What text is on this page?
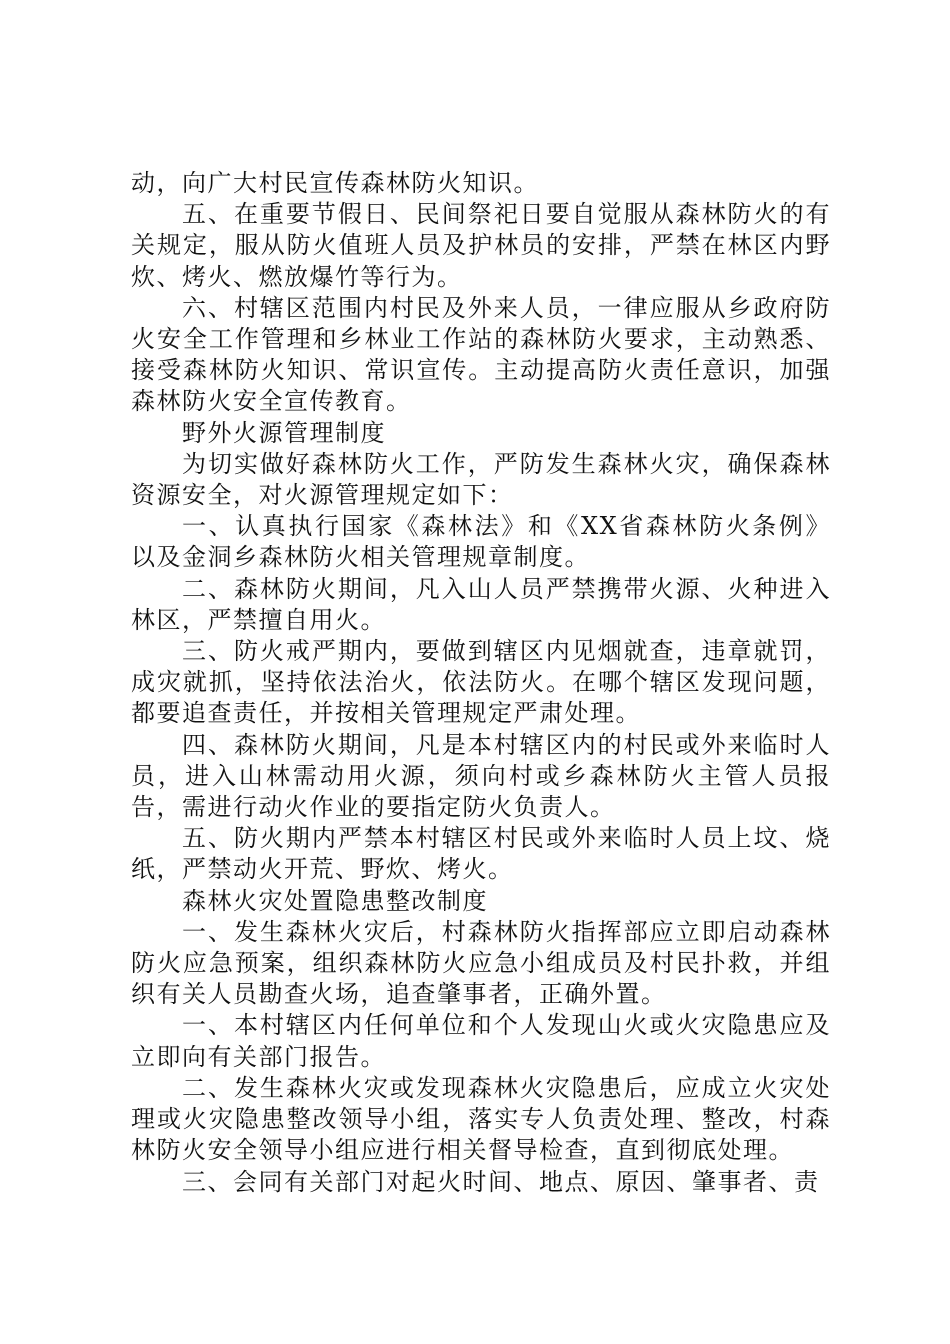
动，向广大村民宣传森林防火知识。

五、在重要节假日、民间祭祀日要自觉服从森林防火的有关规定，服从防火值班人员及护林员的安排，严禁在林区内野炊、烤火、燃放爆竹等行为。

六、村辖区范围内村民及外来人员，一律应服从乡政府防火安全工作管理和乡林业工作站的森林防火要求，主动熟悉、接受森林防火知识、常识宣传。主动提高防火责任意识，加强森林防火安全宣传教育。

野外火源管理制度

为切实做好森林防火工作，严防发生森林火灾，确保森林资源安全，对火源管理规定如下：

一、认真执行国家《森林法》和《XX省森林防火条例》以及金洞乡森林防火相关管理规章制度。

二、森林防火期间，凡入山人员严禁携带火源、火种进入林区，严禁擅自用火。

三、防火戒严期内，要做到辖区内见烟就查，违章就罚，成灾就抓，坚持依法治火，依法防火。在哪个辖区发现问题，都要追查责任，并按相关管理规定严肃处理。

四、森林防火期间，凡是本村辖区内的村民或外来临时人员，进入山林需动用火源，须向村或乡森林防火主管人员报告，需进行动火作业的要指定防火负责人。

五、防火期内严禁本村辖区村民或外来临时人员上坟、烧纸，严禁动火开荒、野炊、烤火。

森林火灾处置隐患整改制度

一、发生森林火灾后，村森林防火指挥部应立即启动森林防火应急预案，组织森林防火应急小组成员及村民扑救，并组织有关人员勘查火场，追查肇事者，正确外置。

一、本村辖区内任何单位和个人发现山火或火灾隐患应及立即向有关部门报告。

二、发生森林火灾或发现森林火灾隐患后，应成立火灾处理或火灾隐患整改领导小组，落实专人负责处理、整改，村森林防火安全领导小组应进行相关督导检查，直到彻底处理。

三、会同有关部门对起火时间、地点、原因、肇事者、责
